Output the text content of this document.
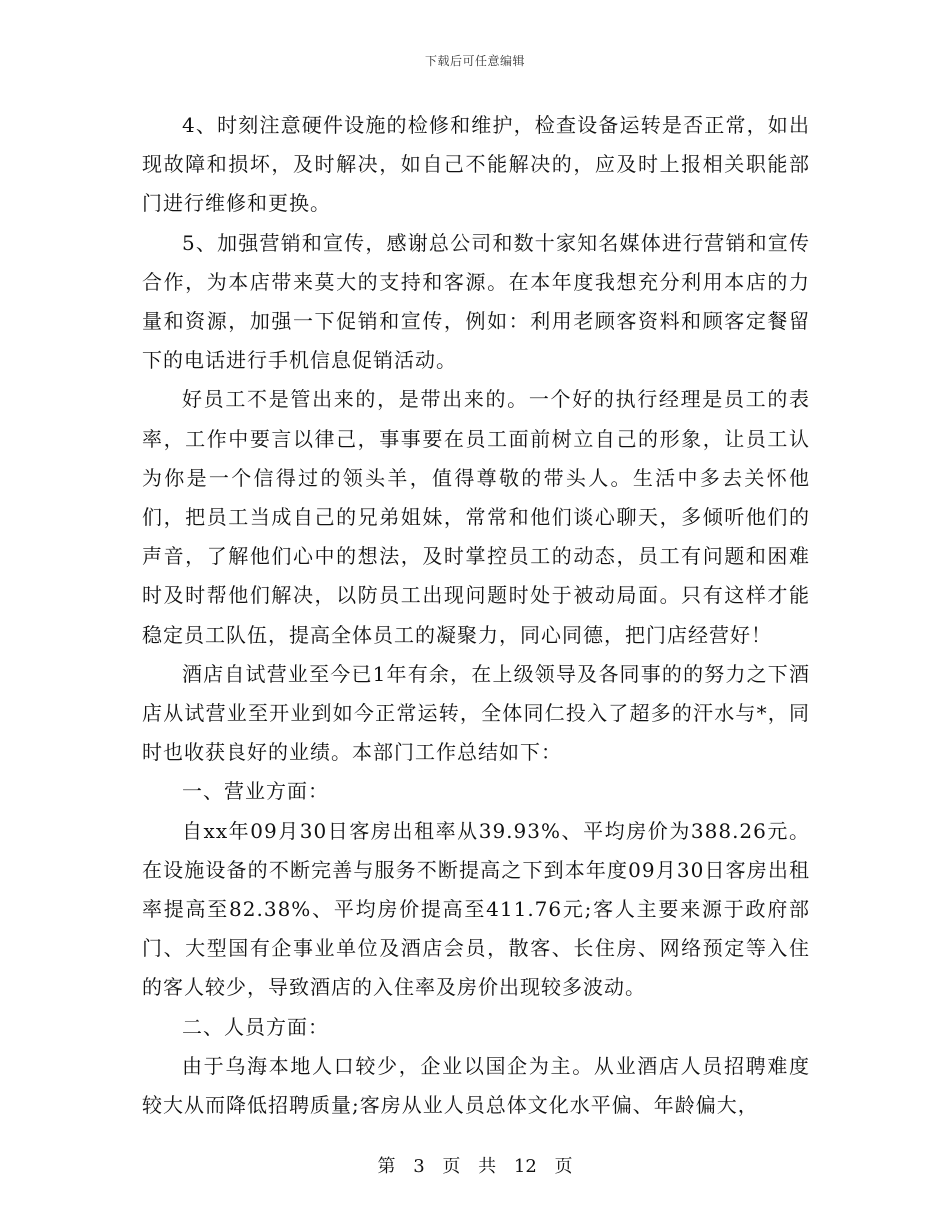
下载后可任意编辑

4、时刻注意硬件设施的检修和维护，检查设备运转是否正常，如出现故障和损坏，及时解决，如自己不能解决的，应及时上报相关职能部门进行维修和更换。

5、加强营销和宣传，感谢总公司和数十家知名媒体进行营销和宣传合作，为本店带来莫大的支持和客源。在本年度我想充分利用本店的力量和资源，加强一下促销和宣传，例如：利用老顾客资料和顾客定餐留下的电话进行手机信息促销活动。

好员工不是管出来的，是带出来的。一个好的执行经理是员工的表率，工作中要言以律己，事事要在员工面前树立自己的形象，让员工认为你是一个信得过的领头羊，值得尊敬的带头人。生活中多去关怀他们，把员工当成自己的兄弟姐妹，常常和他们谈心聊天，多倾听他们的声音，了解他们心中的想法，及时掌控员工的动态，员工有问题和困难时及时帮他们解决，以防员工出现问题时处于被动局面。只有这样才能稳定员工队伍，提高全体员工的凝聚力，同心同德，把门店经营好！

酒店自试营业至今已1年有余，在上级领导及各同事的的努力之下酒店从试营业至开业到如今正常运转，全体同仁投入了超多的汗水与*，同时也收获良好的业绩。本部门工作总结如下：

一、营业方面：

自xx年09月30日客房出租率从39.93%、平均房价为388.26元。在设施设备的不断完善与服务不断提高之下到本年度09月30日客房出租率提高至82.38%、平均房价提高至411.76元;客人主要来源于政府部门、大型国有企事业单位及酒店会员，散客、长住房、网络预定等入住的客人较少，导致酒店的入住率及房价出现较多波动。

二、人员方面：

由于乌海本地人口较少，企业以国企为主。从业酒店人员招聘难度较大从而降低招聘质量;客房从业人员总体文化水平偏、年龄偏大，

第 3 页 共 12 页
